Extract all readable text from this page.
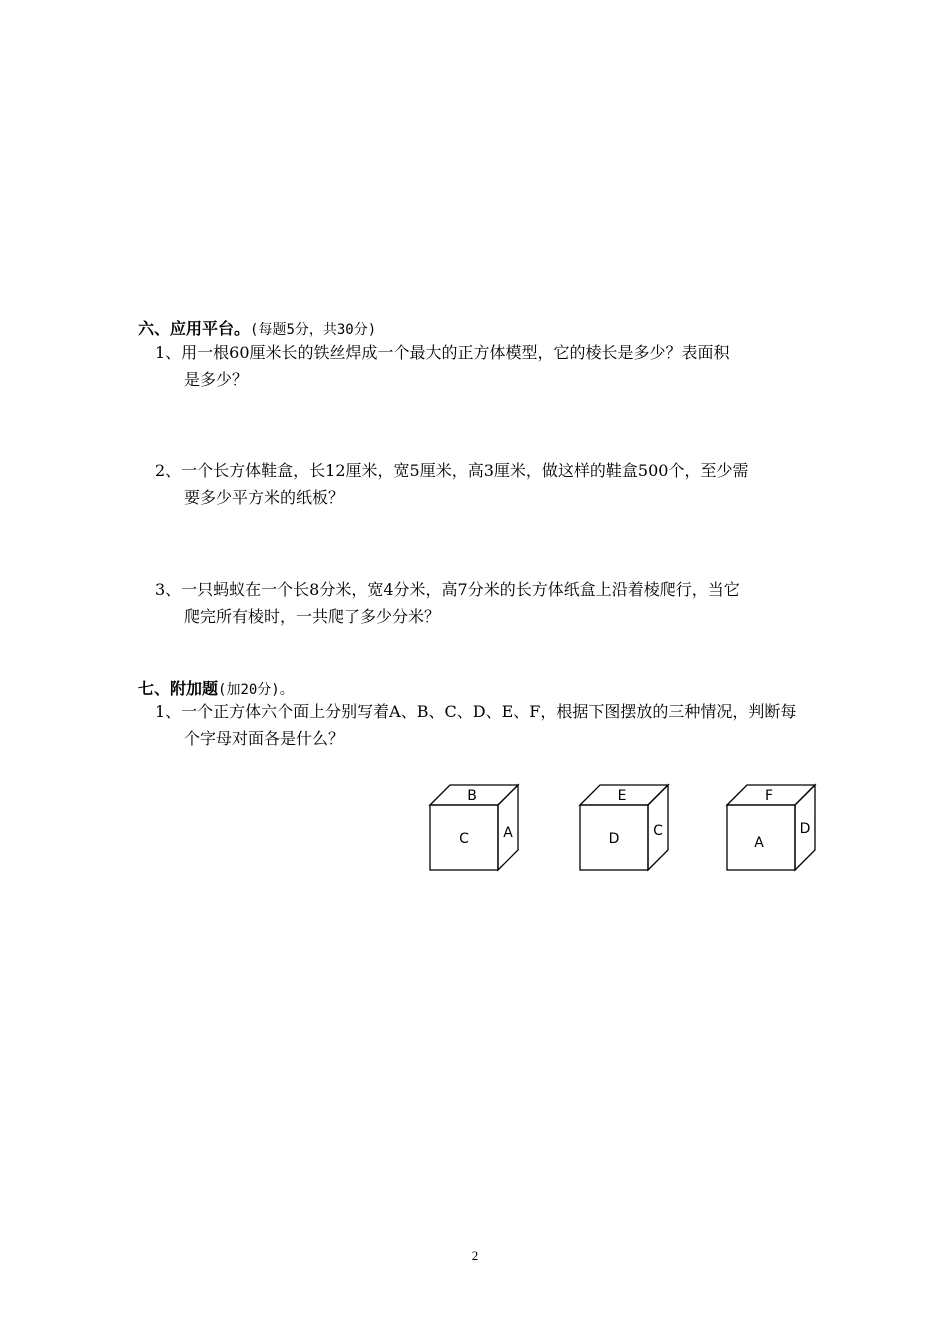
六、应用平台。(每题5分，共30分)
1、用一根60厘米长的铁丝焊成一个最大的正方体模型，它的棱长是多少？表面积
是多少？
2、一个长方体鞋盒，长12厘米，宽5厘米，高3厘米，做这样的鞋盒500个，至少需
要多少平方米的纸板？
3、一只蚂蚁在一个长8分米，宽4分米，高7分米的长方体纸盒上沿着棱爬行，当它
爬完所有棱时，一共爬了多少分米？
七、附加题(加20分)。
1、一个正方体六个面上分别写着A、B、C、D、E、F，根据下图摆放的三种情况，判断每
个字母对面各是什么？
B
C A
E
D C
F
A
D
2
